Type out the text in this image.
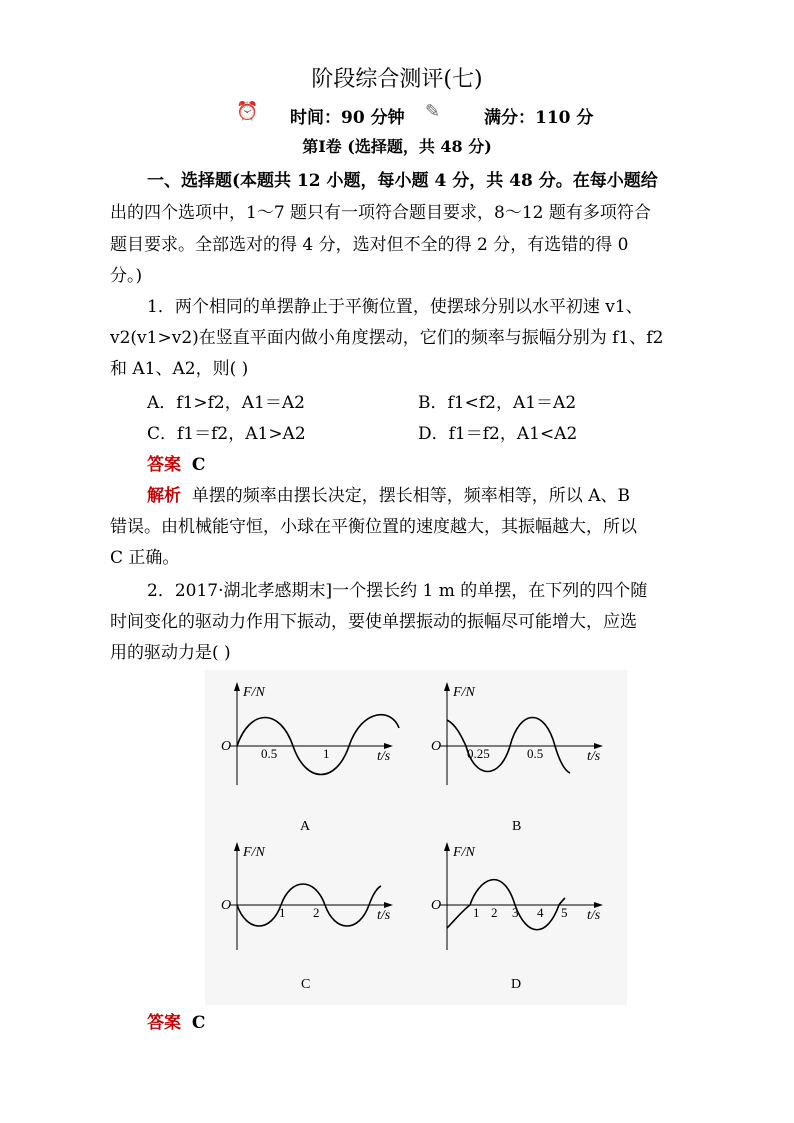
阶段综合测评(七)
⏰ 时间：90 分钟 ✎	满分：110 分
第Ⅰ卷 (选择题，共 48 分)
一、选择题(本题共 12 小题，每小题 4 分，共 48 分。在每小题给
出的四个选项中，1～7 题只有一项符合题目要求，8～12 题有多项符合
题目要求。全部选对的得 4 分，选对但不全的得 2 分，有选错的得 0
分。)
1．两个相同的单摆静止于平衡位置，使摆球分别以水平初速 v1、
v2(v1>v2)在竖直平面内做小角度摆动，它们的频率与振幅分别为 f1、f2
和 A1、A2，则( )
A．f1>f2，A1＝A2	B．f1<f2，A1＝A2
C．f1＝f2，A1>A2	D．f1＝f2，A1<A2
答案 C
解析 单摆的频率由摆长决定，摆长相等，频率相等，所以 A、B
错误。由机械能守恒，小球在平衡位置的速度越大，其振幅越大，所以
C 正确。
2．2017·湖北孝感期末]一个摆长约 1 m 的单摆，在下列的四个随
时间变化的驱动力作用下振动，要使单摆振动的振幅尽可能增大，应选
用的驱动力是( )
F/N
O 0.5	1	t/s
A
F/N
O 0.25	0.5	t/s
B
F/N
O	1 2	t/s
C
F/N
O 1 2 3 4 5 t/s
D
答案 C
